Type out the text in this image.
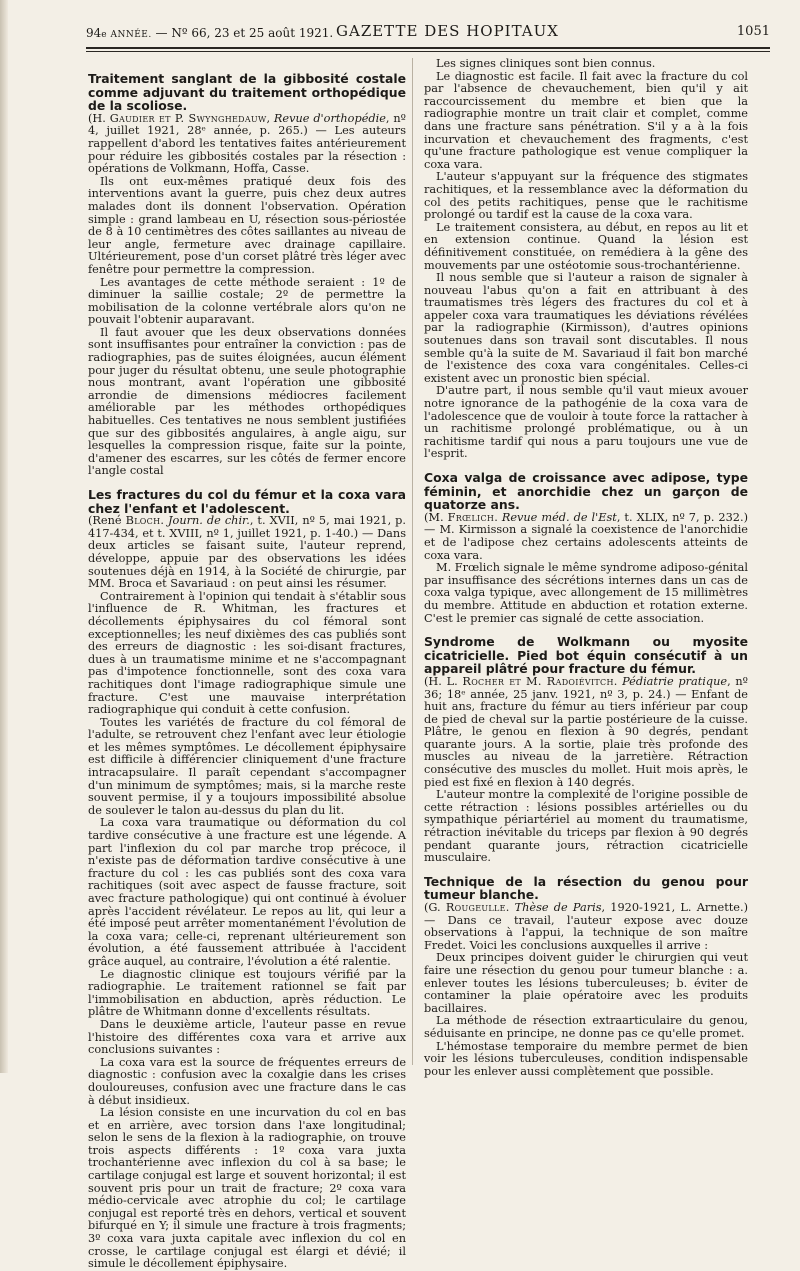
94e ANNÉE. — Nº 66, 23 et 25 août 1921. GAZETTE DES HOPITAUX	1051
Traitement sanglant de la gibbosité costale comme adjuvant du traitement orthopédique de la scoliose.

(H. Gaudier et P. Swynghedauw, Revue d'orthopédie, nº 4, juillet 1921, 28ᵉ année, p. 265.) — Les auteurs rappellent d'abord les tentatives faites antérieurement pour réduire les gibbosités costales par la résection : opérations de Volkmann, Hoffa, Casse.

Ils ont eux-mêmes pratiqué deux fois des interventions avant la guerre, puis chez deux autres malades dont ils donnent l'observation. Opération simple : grand lambeau en U, résection sous-périostée de 8 à 10 centimètres des côtes saillantes au niveau de leur angle, fermeture avec drainage capillaire. Ultérieurement, pose d'un corset plâtré très léger avec fenêtre pour permettre la compression.

Les avantages de cette méthode seraient : 1º de diminuer la saillie costale; 2º de permettre la mobilisation de la colonne vertébrale alors qu'on ne pouvait l'obtenir auparavant.

Il faut avouer que les deux observations données sont insuffisantes pour entraîner la conviction : pas de radiographies, pas de suites éloignées, aucun élément pour juger du résultat obtenu, une seule photographie nous montrant, avant l'opération une gibbosité arrondie de dimensions médiocres facilement améliorable par les méthodes orthopédiques habituelles. Ces tentatives ne nous semblent justifiées que sur des gibbosités angulaires, à angle aigu, sur lesquelles la compression risque, faite sur la pointe, d'amener des escarres, sur les côtés de fermer encore l'angle costal

Les fractures du col du fémur et la coxa vara chez l'enfant et l'adolescent.

(René Bloch. Journ. de chir., t. XVII, nº 5, mai 1921, p. 417-434, et t. XVIII, nº 1, juillet 1921, p. 1-40.) — Dans deux articles se faisant suite, l'auteur reprend, développe, appuie par des observations les idées soutenues déjà en 1914, à la Société de chirurgie, par MM. Broca et Savariaud : on peut ainsi les résumer.

Contrairement à l'opinion qui tendait à s'établir sous l'influence de R. Whitman, les fractures et décollements épiphysaires du col fémoral sont exceptionnelles; les neuf dixièmes des cas publiés sont des erreurs de diagnostic : les soi-disant fractures, dues à un traumatisme minime et ne s'accompagnant pas d'impotence fonctionnelle, sont des coxa vara rachitiques dont l'image radiographique simule une fracture. C'est une mauvaise interprétation radiographique qui conduit à cette confusion.

Toutes les variétés de fracture du col fémoral de l'adulte, se retrouvent chez l'enfant avec leur étiologie et les mêmes symptômes. Le décollement épiphysaire est difficile à différencier cliniquement d'une fracture intracapsulaire. Il paraît cependant s'accompagner d'un minimum de symptômes; mais, si la marche reste souvent permise, il y a toujours impossibilité absolue de soulever le talon au-dessus du plan du lit.

La coxa vara traumatique ou déformation du col tardive consécutive à une fracture est une légende. A part l'inflexion du col par marche trop précoce, il n'existe pas de déformation tardive consécutive à une fracture du col : les cas publiés sont des coxa vara rachitiques (soit avec aspect de fausse fracture, soit avec fracture pathologique) qui ont continué à évoluer après l'accident révélateur. Le repos au lit, qui leur a été imposé peut arrêter momentanément l'évolution de la coxa vara; celle-ci, reprenant ultérieurement son évolution, a été faussement attribuée à l'accident grâce auquel, au contraire, l'évolution a été ralentie.

Le diagnostic clinique est toujours vérifié par la radiographie. Le traitement rationnel se fait par l'immobilisation en abduction, après réduction. Le plâtre de Whitmann donne d'excellents résultats.

Dans le deuxième article, l'auteur passe en revue l'histoire des différentes coxa vara et arrive aux conclusions suivantes :

La coxa vara est la source de fréquentes erreurs de diagnostic : confusion avec la coxalgie dans les crises douloureuses, confusion avec une fracture dans le cas à début insidieux.

La lésion consiste en une incurvation du col en bas et en arrière, avec torsion dans l'axe longitudinal; selon le sens de la flexion à la radiographie, on trouve trois aspects différents : 1º coxa vara juxta trochantérienne avec inflexion du col à sa base; le cartilage conjugal est large et souvent horizontal; il est souvent pris pour un trait de fracture; 2º coxa vara médio-cervicale avec atrophie du col; le cartilage conjugal est reporté très en dehors, vertical et souvent bifurqué en Y; il simule une fracture à trois fragments; 3º coxa vara juxta capitale avec inflexion du col en crosse, le cartilage conjugal est élargi et dévié; il simule le décollement épiphysaire.

Les signes cliniques sont bien connus.

Le diagnostic est facile. Il fait avec la fracture du col par l'absence de chevauchement, bien qu'il y ait raccourcissement du membre et bien que la radiographie montre un trait clair et complet, comme dans une fracture sans pénétration. S'il y a à la fois incurvation et chevauchement des fragments, c'est qu'une fracture pathologique est venue compliquer la coxa vara.

L'auteur s'appuyant sur la fréquence des stigmates rachitiques, et la ressemblance avec la déformation du col des petits rachitiques, pense que le rachitisme prolongé ou tardif est la cause de la coxa vara.

Le traitement consistera, au début, en repos au lit et en extension continue. Quand la lésion est définitivement constituée, on remédiera à la gêne des mouvements par une ostéotomie sous-trochantérienne.

Il nous semble que si l'auteur a raison de signaler à nouveau l'abus qu'on a fait en attribuant à des traumatismes très légers des fractures du col et à appeler coxa vara traumatiques les déviations révélées par la radiographie (Kirmisson), d'autres opinions soutenues dans son travail sont discutables. Il nous semble qu'à la suite de M. Savariaud il fait bon marché de l'existence des coxa vara congénitales. Celles-ci existent avec un pronostic bien spécial.

D'autre part, il nous semble qu'il vaut mieux avouer notre ignorance de la pathogénie de la coxa vara de l'adolescence que de vouloir à toute force la rattacher à un rachitisme prolongé problématique, ou à un rachitisme tardif qui nous a paru toujours une vue de l'esprit.

Coxa valga de croissance avec adipose, type féminin, et anorchidie chez un garçon de quatorze ans.

(M. Frœlich. Revue méd. de l'Est, t. XLIX, nº 7, p. 232.) — M. Kirmisson a signalé la coexistence de l'anorchidie et de l'adipose chez certains adolescents atteints de coxa vara.

M. Frœlich signale le même syndrome adiposo-génital par insuffisance des sécrétions internes dans un cas de coxa valga typique, avec allongement de 15 millimètres du membre. Attitude en abduction et rotation externe. C'est le premier cas signalé de cette association.

Syndrome de Wolkmann ou myosite cicatricielle. Pied bot équin consécutif à un appareil plâtré pour fracture du fémur.

(H. L. Rocher et M. Radoiévitch. Pédiatrie pratique, nº 36; 18ᵉ année, 25 janv. 1921, nº 3, p. 24.) — Enfant de huit ans, fracture du fémur au tiers inférieur par coup de pied de cheval sur la partie postérieure de la cuisse. Plâtre, le genou en flexion à 90 degrés, pendant quarante jours. A la sortie, plaie très profonde des muscles au niveau de la jarretière. Rétraction consécutive des muscles du mollet. Huit mois après, le pied est fixé en flexion à 140 degrés.

L'auteur montre la complexité de l'origine possible de cette rétraction : lésions possibles artérielles ou du sympathique périartériel au moment du traumatisme, rétraction inévitable du triceps par flexion à 90 degrés pendant quarante jours, rétraction cicatricielle musculaire.

Technique de la résection du genou pour tumeur blanche.

(G. Rougeulle. Thèse de Paris, 1920-1921, L. Arnette.) — Dans ce travail, l'auteur expose avec douze observations à l'appui, la technique de son maître Fredet. Voici les conclusions auxquelles il arrive :

Deux principes doivent guider le chirurgien qui veut faire une résection du genou pour tumeur blanche : a. enlever toutes les lésions tuberculeuses; b. éviter de contaminer la plaie opératoire avec les produits bacillaires.

La méthode de résection extraarticulaire du genou, séduisante en principe, ne donne pas ce qu'elle promet.

L'hémostase temporaire du membre permet de bien voir les lésions tuberculeuses, condition indispensable pour les enlever aussi complètement que possible.
